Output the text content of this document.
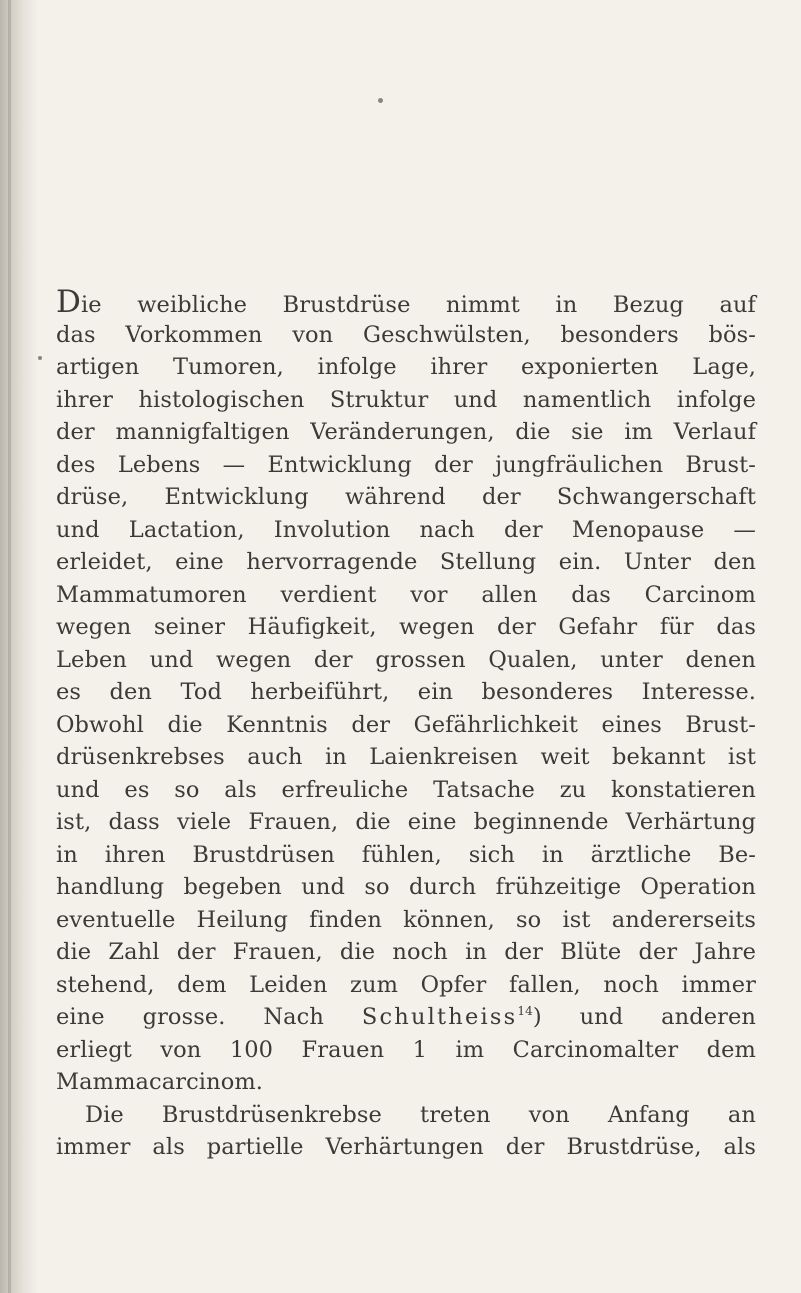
Die weibliche Brustdrüse nimmt in Bezug auf
das Vorkommen von Geschwülsten, besonders bös-
artigen Tumoren, infolge ihrer exponierten Lage,
ihrer histologischen Struktur und namentlich infolge
der mannigfaltigen Veränderungen, die sie im Verlauf
des Lebens — Entwicklung der jungfräulichen Brust-
drüse, Entwicklung während der Schwangerschaft
und Lactation, Involution nach der Menopause —
erleidet, eine hervorragende Stellung ein. Unter den
Mammatumoren verdient vor allen das Carcinom
wegen seiner Häufigkeit, wegen der Gefahr für das
Leben und wegen der grossen Qualen, unter denen
es den Tod herbeiführt, ein besonderes Interesse.
Obwohl die Kenntnis der Gefährlichkeit eines Brust-
drüsenkrebses auch in Laienkreisen weit bekannt ist
und es so als erfreuliche Tatsache zu konstatieren
ist, dass viele Frauen, die eine beginnende Verhärtung
in ihren Brustdrüsen fühlen, sich in ärztliche Be-
handlung begeben und so durch frühzeitige Operation
eventuelle Heilung finden können, so ist andererseits
die Zahl der Frauen, die noch in der Blüte der Jahre
stehend, dem Leiden zum Opfer fallen, noch immer
eine grosse. Nach Schultheiss$^{14}$) und anderen
erliegt von 100 Frauen 1 im Carcinomalter dem
Mammacarcinom.
Die Brustdrüsenkrebse treten von Anfang an
immer als partielle Verhärtungen der Brustdrüse, als
